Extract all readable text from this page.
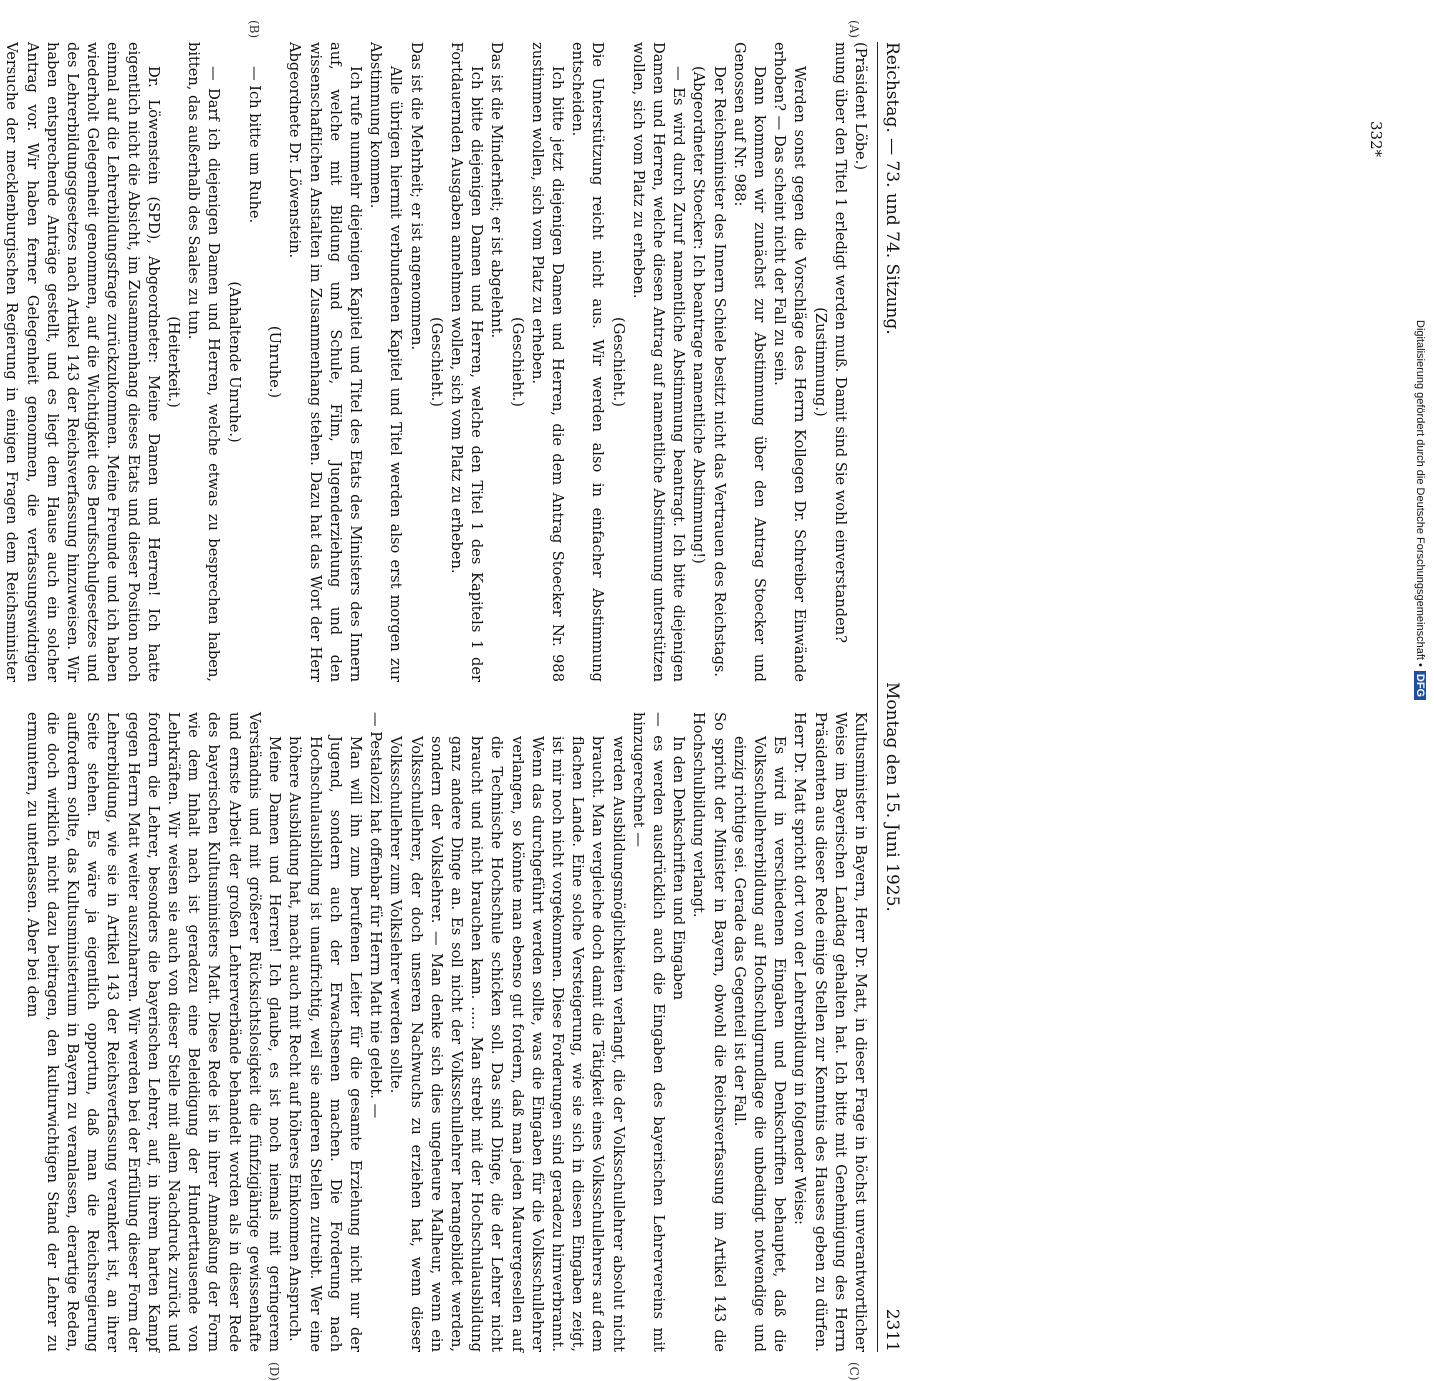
Reichstag. — 73. und 74. Sitzung.
Montag den 15. Juni 1925.
2311
(A)
(B)
(C)
(D)

(Präsident Löbe.)

mung über den Titel 1 erledigt werden muß. Damit sind Sie wohl einverstanden?

(Zustimmung.)

Werden sonst gegen die Vorschläge des Herrn Kollegen Dr. Schreiber Einwände erhoben? — Das scheint nicht der Fall zu sein.

Dann kommen wir zunächst zur Abstimmung über den Antrag Stoecker und Genossen auf Nr. 988:

Der Reichsminister des Innern Schiele besitzt nicht das Vertrauen des Reichstags.

(Abgeordneter Stoecker: Ich beantrage namentliche Abstimmung!)

— Es wird durch Zuruf namentliche Abstimmung beantragt. Ich bitte diejenigen Damen und Herren, welche diesen Antrag auf namentliche Abstimmung unterstützen wollen, sich vom Platz zu erheben.

(Geschieht.)

Die Unterstützung reicht nicht aus. Wir werden also in einfacher Abstimmung entscheiden.

Ich bitte jetzt diejenigen Damen und Herren, die dem Antrag Stoecker Nr. 988 zustimmen wollen, sich vom Platz zu erheben.

(Geschieht.)

Das ist die Minderheit; er ist abgelehnt.

Ich bitte diejenigen Damen und Herren, welche den Titel 1 des Kapitels 1 der Fortdauernden Ausgaben annehmen wollen, sich vom Platz zu erheben.

(Geschieht.)

Das ist die Mehrheit; er ist angenommen.

Alle übrigen hiermit verbundenen Kapitel und Titel werden also erst morgen zur Abstimmung kommen.

Ich rufe nunmehr diejenigen Kapitel und Titel des Etats des Ministers des Innern auf, welche mit Bildung und Schule, Film, Jugenderziehung und den wissenschaftlichen Anstalten im Zusammenhang stehen. Dazu hat das Wort der Herr Abgeordnete Dr. Löwenstein.

(Unruhe.)

— Ich bitte um Ruhe.

(Anhaltende Unruhe.)

— Darf ich diejenigen Damen und Herren, welche etwas zu besprechen haben, bitten, das außerhalb des Saales zu tun.

(Heiterkeit.)

Dr. Löwenstein (SPD), Abgeordneter: Meine Damen und Herren! Ich hatte eigentlich nicht die Absicht, im Zusammenhang dieses Etats und dieser Position noch einmal auf die Lehrerbildungsfrage zurückzukommen. Meine Freunde und ich haben wiederholt Gelegenheit genommen, auf die Wichtigkeit des Berufsschulgesetzes und des Lehrerbildungsgesetzes nach Artikel 143 der Reichsverfassung hinzuweisen. Wir haben entsprechende Anträge gestellt, und es liegt dem Hause auch ein solcher Antrag vor. Wir haben ferner Gelegenheit genommen, die verfassungswidrigen Versuche der mecklenburgischen Regierung in einigen Fragen dem Reichsminister

Kultusminister in Bayern, Herr Dr. Matt, in dieser Frage in höchst unverantwortlicher Weise im Bayerischen Landtag gehalten hat. Ich bitte mit Genehmigung des Herrn Präsidenten aus dieser Rede einige Stellen zur Kenntnis des Hauses geben zu dürfen. Herr Dr. Matt spricht dort von der Lehrerbildung in folgender Weise:

Es wird in verschiedenen Eingaben und Denkschriften behauptet, daß die Volksschullehrerbildung auf Hochschulgrundlage die unbedingt notwendige und einzig richtige sei. Gerade das Gegenteil ist der Fall.

So spricht der Minister in Bayern, obwohl die Reichsverfassung im Artikel 143 die Hochschulbildung verlangt.

In den Denkschriften und Eingaben

— es werden ausdrücklich auch die Eingaben des bayerischen Lehrervereins mit hinzugerechnet —

werden Ausbildungsmöglichkeiten verlangt, die der Volksschullehrer absolut nicht braucht. Man vergleiche doch damit die Tätigkeit eines Volksschullehrers auf dem flachen Lande. Eine solche Versteigerung, wie sie sich in diesen Eingaben zeigt, ist mir noch nicht vorgekommen. Diese Forderungen sind geradezu hirnverbrannt. Wenn das durchgeführt werden sollte, was die Eingaben für die Volksschullehrer verlangen, so könnte man ebenso gut fordern, daß man jeden Maurergesellen auf die Technische Hochschule schicken soll. Das sind Dinge, die der Lehrer nicht braucht und nicht brauchen kann. ..... Man strebt mit der Hochschulausbildung ganz andere Dinge an. Es soll nicht der Volksschullehrer herangebildet werden, sondern der Volkslehrer. — Man denke sich dies ungeheure Malheur, wenn ein Volksschullehrer, der doch unseren Nachwuchs zu erziehen hat, wenn dieser Volksschullehrer zum Volkslehrer werden sollte.

— Pestalozzi hat offenbar für Herrn Matt nie gelebt. —

Man will ihn zum berufenen Leiter für die gesamte Erziehung nicht nur der Jugend, sondern auch der Erwachsenen machen. Die Forderung nach Hochschulausbildung ist unaufrichtig, weil sie anderen Stellen zutreibt. Wer eine höhere Ausbildung hat, macht auch mit Recht auf höheres Einkommen Anspruch.

Meine Damen und Herren! Ich glaube, es ist noch niemals mit geringerem Verständnis und mit größerer Rücksichtslosigkeit die fünfzigjährige gewissenhafte und ernste Arbeit der großen Lehrerverbände behandelt worden als in dieser Rede des bayerischen Kultusministers Matt. Diese Rede ist in ihrer Anmaßung der Form wie dem Inhalt nach ist geradezu eine Beleidigung der Hunderttausende von Lehrkräften. Wir weisen sie auch von dieser Stelle mit allem Nachdruck zurück und fordern die Lehrer, besonders die bayerischen Lehrer, auf, in ihrem harten Kampf gegen Herrn Matt weiter auszuharren. Wir werden bei der Erfüllung dieser Form der Lehrerbildung, wie sie in Artikel 143 der Reichsverfassung verankert ist, an ihrer Seite stehen. Es wäre ja eigentlich opportun, daß man die Reichsregierung auffordern sollte, das Kultusministerium in Bayern zu veranlassen, derartige Reden, die doch wirklich nicht dazu beitragen, den kulturwichtigen Stand der Lehrer zu ermuntern, zu unterlassen. Aber bei dem

Digitalisierung gefördert durch die Deutsche Forschungsgemeinschaft •DFG
332*
